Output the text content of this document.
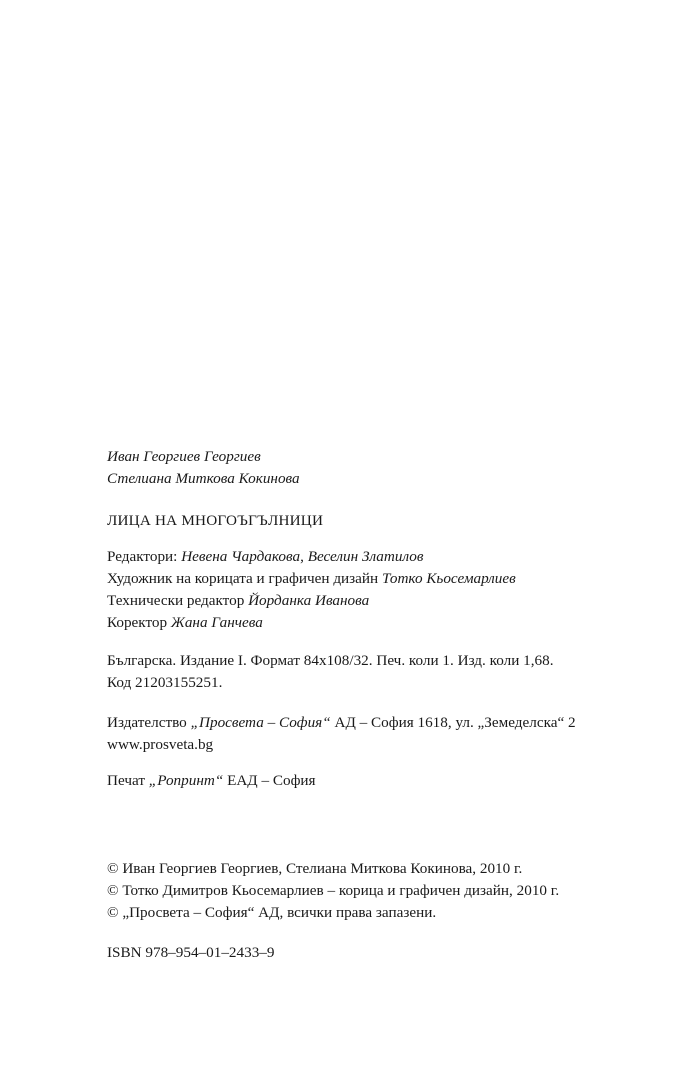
Иван Георгиев Георгиев
Стелиана Миткова Кокинова
ЛИЦА НА МНОГОЪГЪЛНИЦИ
Редактори: Невена Чардакова, Веселин Златилов
Художник на корицата и графичен дизайн Тотко Кьосемарлиев
Технически редактор Йорданка Иванова
Коректор Жана Ганчева
Българска. Издание I. Формат 84х108/32. Печ. коли 1. Изд. коли 1,68.
Код 21203155251.
Издателство „Просвета – София“ АД – София 1618, ул. „Земеделска“ 2
www.prosveta.bg
Печат „Ропринт“ ЕАД – София
© Иван Георгиев Георгиев, Стелиана Миткова Кокинова, 2010 г.
© Тотко Димитров Кьосемарлиев – корица и графичен дизайн, 2010 г.
© „Просвета – София“ АД, всички права запазени.
ISBN 978–954–01–2433–9
